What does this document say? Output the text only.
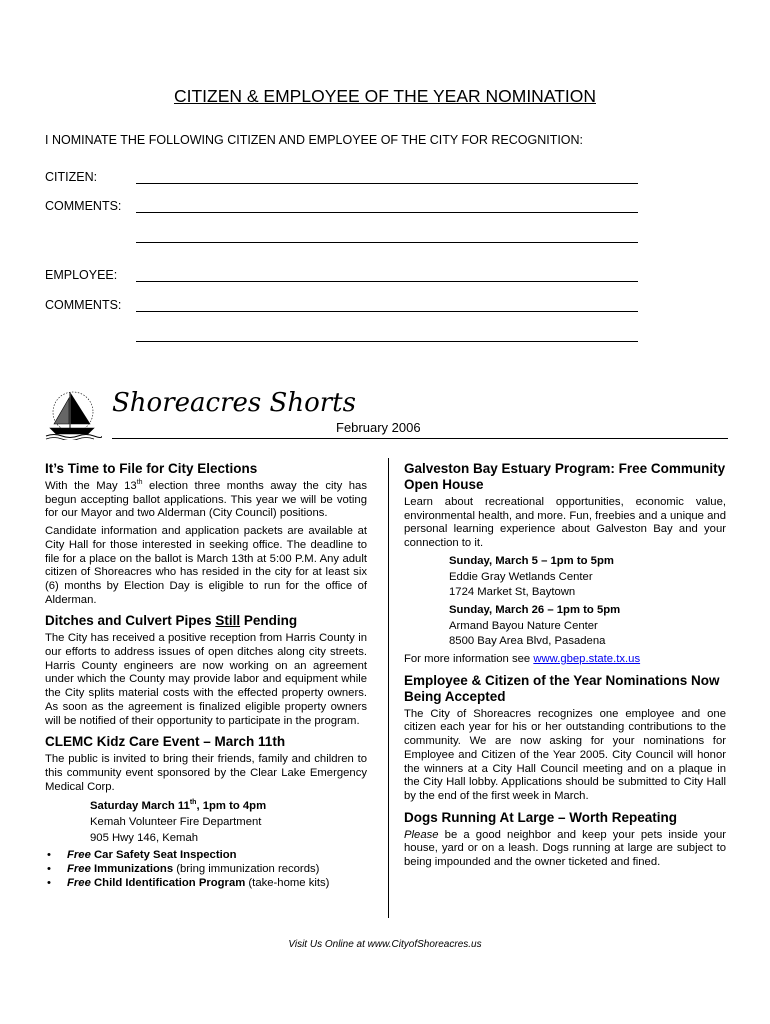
CITIZEN & EMPLOYEE OF THE YEAR NOMINATION
I NOMINATE THE FOLLOWING CITIZEN AND EMPLOYEE OF THE CITY FOR RECOGNITION:
CITIZEN:
COMMENTS:
EMPLOYEE:
COMMENTS:
Shoreacres Shorts
February 2006
It’s Time to File for City Elections

With the May 13th election three months away the city has begun accepting ballot applications. This year we will be voting for our Mayor and two Alderman (City Council) positions.

Candidate information and application packets are available at City Hall for those interested in seeking office. The deadline to file for a place on the ballot is March 13th at 5:00 P.M. Any adult citizen of Shoreacres who has resided in the city for at least six (6) months by Election Day is eligible to run for the office of Alderman.

Ditches and Culvert Pipes Still Pending

The City has received a positive reception from Harris County in our efforts to address issues of open ditches along city streets. Harris County engineers are now working on an agreement under which the County may provide labor and equipment while the City splits material costs with the effected property owners. As soon as the agreement is finalized eligible property owners will be notified of their opportunity to participate in the program.

CLEMC Kidz Care Event – March 11th

The public is invited to bring their friends, family and children to this community event sponsored by the Clear Lake Emergency Medical Corp.

Saturday March 11th, 1pm to 4pm
Kemah Volunteer Fire Department
905 Hwy 146, Kemah
• Free Car Safety Seat Inspection
• Free Immunizations (bring immunization records)
• Free Child Identification Program (take-home kits)
Galveston Bay Estuary Program: Free Community Open House

Learn about recreational opportunities, economic value, environmental health, and more. Fun, freebies and a unique and personal learning experience about Galveston Bay and your connection to it.

Sunday, March 5 – 1pm to 5pm
Eddie Gray Wetlands Center
1724 Market St, Baytown
Sunday, March 26 – 1pm to 5pm
Armand Bayou Nature Center
8500 Bay Area Blvd, Pasadena

For more information see www.gbep.state.tx.us

Employee & Citizen of the Year Nominations Now Being Accepted

The City of Shoreacres recognizes one employee and one citizen each year for his or her outstanding contributions to the community. We are now asking for your nominations for Employee and Citizen of the Year 2005. City Council will honor the winners at a City Hall Council meeting and on a plaque in the City Hall lobby. Applications should be submitted to City Hall by the end of the first week in March.

Dogs Running At Large – Worth Repeating

Please be a good neighbor and keep your pets inside your house, yard or on a leash. Dogs running at large are subject to being impounded and the owner ticketed and fined.

Visit Us Online at www.CityofShoreacres.us
